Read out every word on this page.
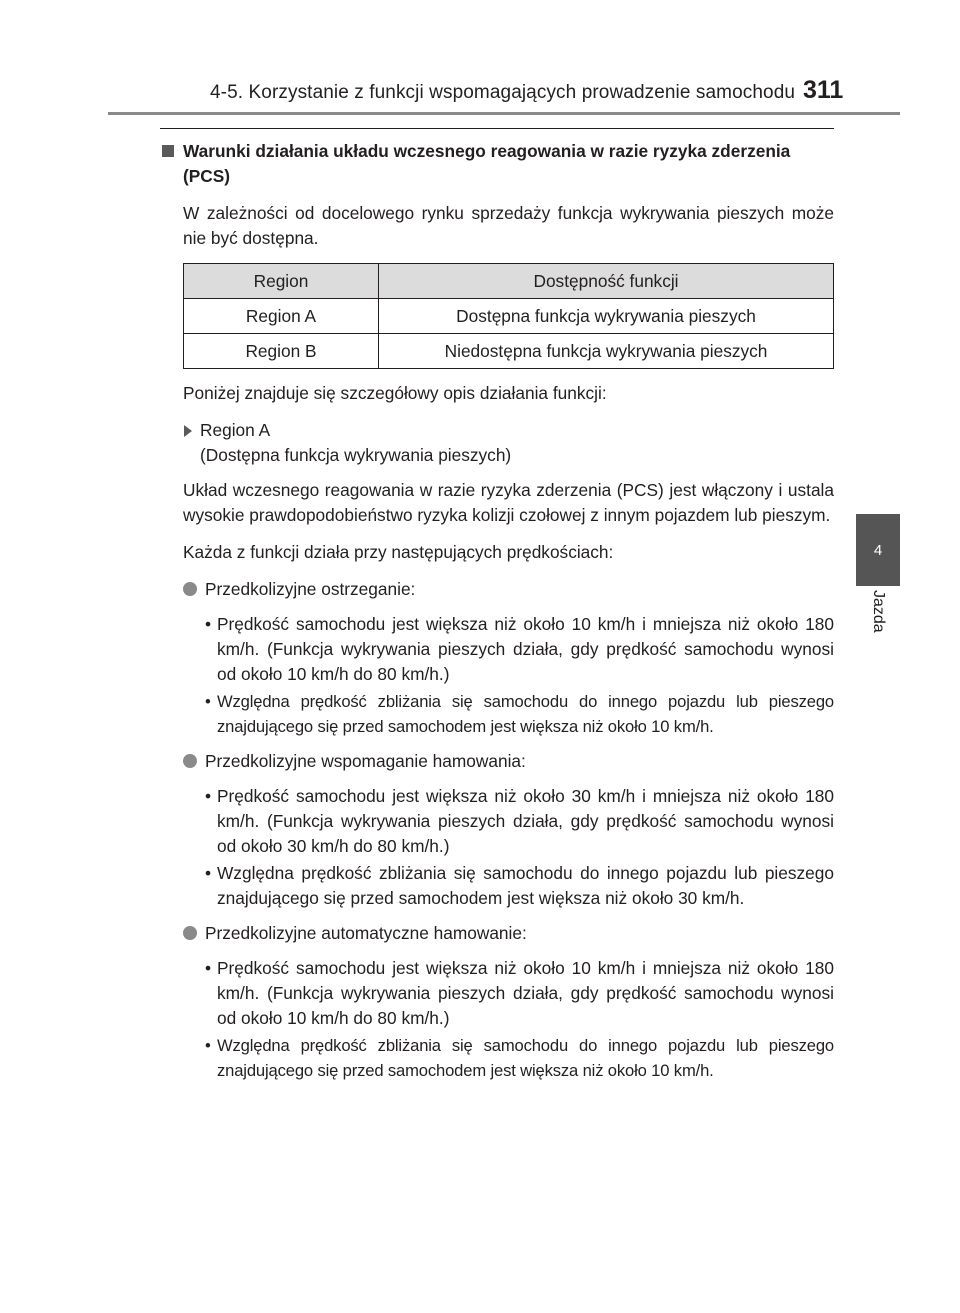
4-5. Korzystanie z funkcji wspomagających prowadzenie samochodu 311
4
Jazda
Warunki działania układu wczesnego reagowania w razie ryzyka zderzenia
(PCS)
W zależności od docelowego rynku sprzedaży funkcja wykrywania pieszych może nie być dostępna.
Region	Dostępność funkcji
Region A	Dostępna funkcja wykrywania pieszych
Region B	Niedostępna funkcja wykrywania pieszych
Poniżej znajduje się szczegółowy opis działania funkcji:
Region A
(Dostępna funkcja wykrywania pieszych)
Układ wczesnego reagowania w razie ryzyka zderzenia (PCS) jest włączony i ustala wysokie prawdopodobieństwo ryzyka kolizji czołowej z innym pojazdem lub pieszym.
Każda z funkcji działa przy następujących prędkościach:
Przedkolizyjne ostrzeganie:
• Prędkość samochodu jest większa niż około 10 km/h i mniejsza niż około 180 km/h. (Funkcja wykrywania pieszych działa, gdy prędkość samochodu wynosi od około 10 km/h do 80 km/h.)
• Względna prędkość zbliżania się samochodu do innego pojazdu lub pieszego znajdującego się przed samochodem jest większa niż około 10 km/h.
Przedkolizyjne wspomaganie hamowania:
• Prędkość samochodu jest większa niż około 30 km/h i mniejsza niż około 180 km/h. (Funkcja wykrywania pieszych działa, gdy prędkość samochodu wynosi od około 30 km/h do 80 km/h.)
• Względna prędkość zbliżania się samochodu do innego pojazdu lub pieszego znajdującego się przed samochodem jest większa niż około 30 km/h.
Przedkolizyjne automatyczne hamowanie:
• Prędkość samochodu jest większa niż około 10 km/h i mniejsza niż około 180 km/h. (Funkcja wykrywania pieszych działa, gdy prędkość samochodu wynosi od około 10 km/h do 80 km/h.)
• Względna prędkość zbliżania się samochodu do innego pojazdu lub pieszego znajdującego się przed samochodem jest większa niż około 10 km/h.
